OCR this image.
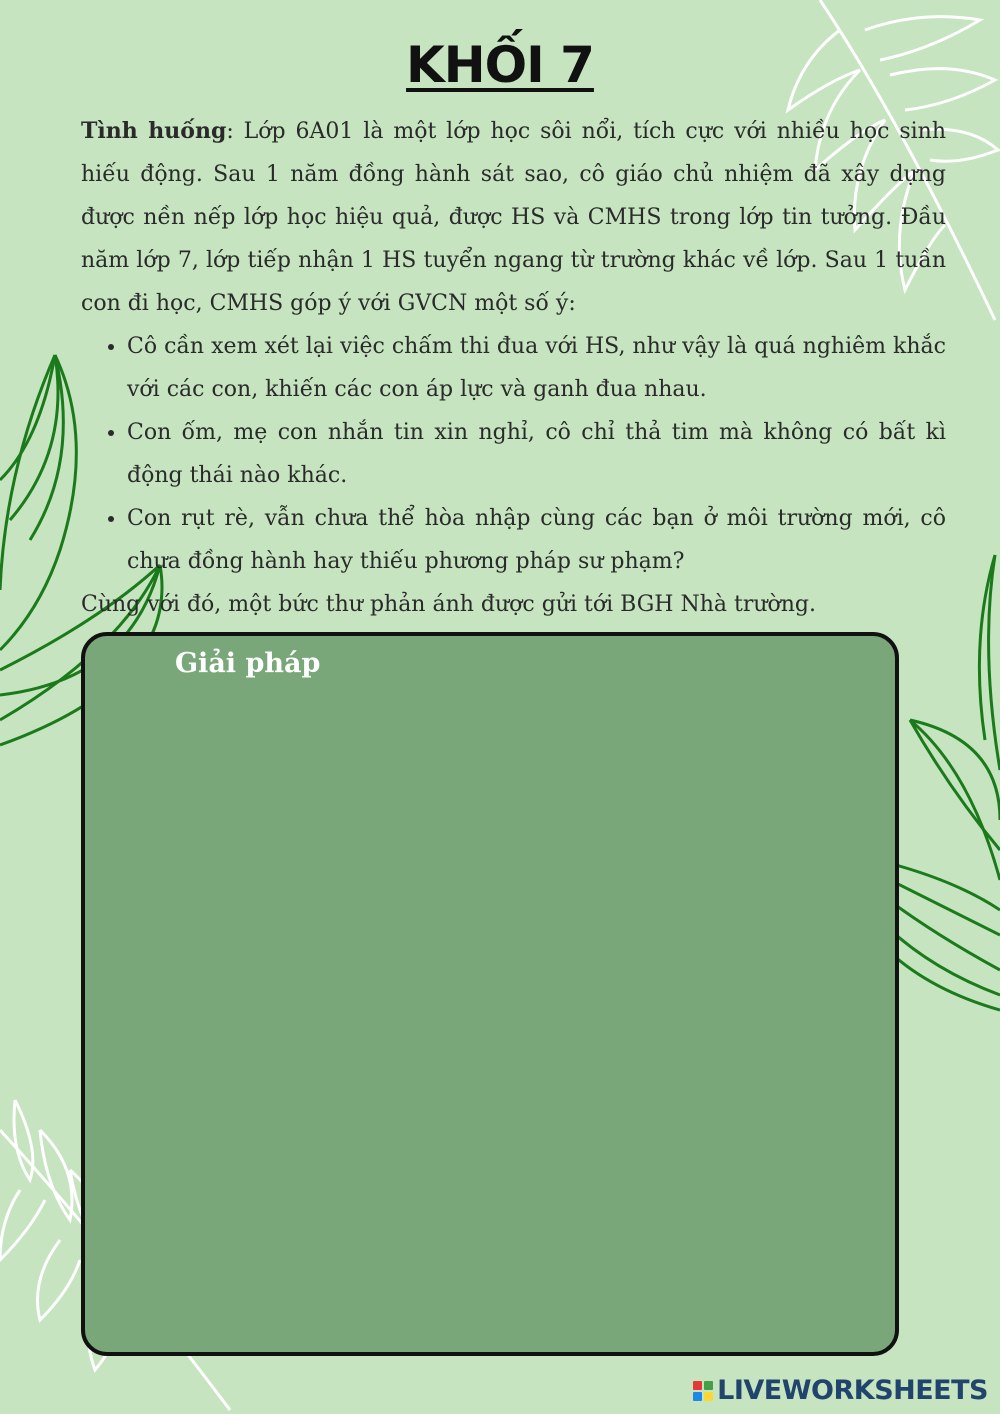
KHỐI 7

Tình huống: Lớp 6A01 là một lớp học sôi nổi, tích cực với nhiều học sinh hiếu động. Sau 1 năm đồng hành sát sao, cô giáo chủ nhiệm đã xây dựng được nền nếp lớp học hiệu quả, được HS và CMHS trong lớp tin tưởng. Đầu năm lớp 7, lớp tiếp nhận 1 HS tuyển ngang từ trường khác về lớp. Sau 1 tuần con đi học, CMHS góp ý với GVCN một số ý:

• Cô cần xem xét lại việc chấm thi đua với HS, như vậy là quá nghiêm khắc với các con, khiến các con áp lực và ganh đua nhau.
• Con ốm, mẹ con nhắn tin xin nghỉ, cô chỉ thả tim mà không có bất kì động thái nào khác.
• Con rụt rè, vẫn chưa thể hòa nhập cùng các bạn ở môi trường mới, cô chưa đồng hành hay thiếu phương pháp sư phạm?

Cùng với đó, một bức thư phản ánh được gửi tới BGH Nhà trường.

Giải pháp
LIVEWORKSHEETS
